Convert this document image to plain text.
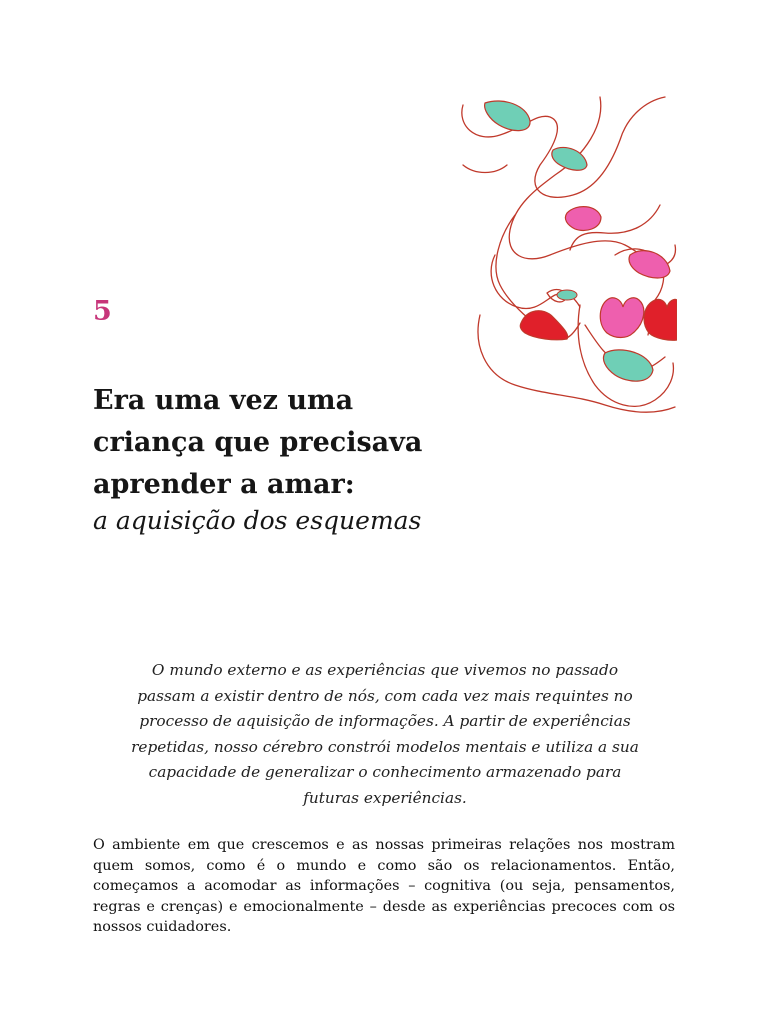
5
Era uma vez uma
criança que precisava
aprender a amar:
a aquisição dos esquemas
O mundo externo e as experiências que vivemos no passado
passam a existir dentro de nós, com cada vez mais requintes no
processo de aquisição de informações. A partir de experiências
repetidas, nosso cérebro constrói modelos mentais e utiliza a sua
capacidade de generalizar o conhecimento armazenado para
futuras experiências.
O ambiente em que crescemos e as nossas primeiras relações nos mostram
quem somos, como é o mundo e como são os relacionamentos. Então,
começamos a acomodar as informações – cognitiva (ou seja, pensamentos,
regras e crenças) e emocionalmente – desde as experiências precoces com os
nossos cuidadores.
